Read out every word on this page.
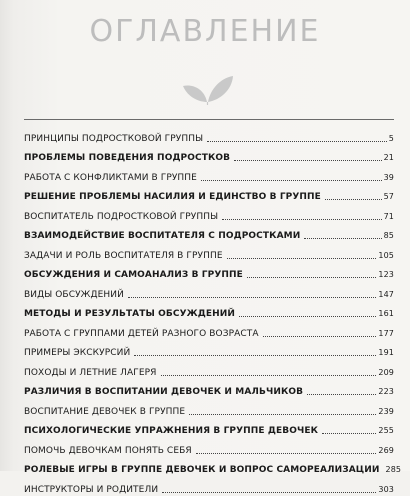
ОГЛАВЛЕНИЕ
ПРИНЦИПЫ ПОДРОСТКОВОЙ ГРУППЫ	5
ПРОБЛЕМЫ ПОВЕДЕНИЯ ПОДРОСТКОВ	21
РАБОТА С КОНФЛИКТАМИ В ГРУППЕ	39
РЕШЕНИЕ ПРОБЛЕМЫ НАСИЛИЯ И ЕДИНСТВО В ГРУППЕ	57
ВОСПИТАТЕЛЬ ПОДРОСТКОВОЙ ГРУППЫ	71
ВЗАИМОДЕЙСТВИЕ ВОСПИТАТЕЛЯ С ПОДРОСТКАМИ	85
ЗАДАЧИ И РОЛЬ ВОСПИТАТЕЛЯ В ГРУППЕ	105
ОБСУЖДЕНИЯ И САМОАНАЛИЗ В ГРУППЕ	123
ВИДЫ ОБСУЖДЕНИЙ	147
МЕТОДЫ И РЕЗУЛЬТАТЫ ОБСУЖДЕНИЙ	161
РАБОТА С ГРУППАМИ ДЕТЕЙ РАЗНОГО ВОЗРАСТА	177
ПРИМЕРЫ ЭКСКУРСИЙ	191
ПОХОДЫ И ЛЕТНИЕ ЛАГЕРЯ	209
РАЗЛИЧИЯ В ВОСПИТАНИИ ДЕВОЧЕК И МАЛЬЧИКОВ	223
ВОСПИТАНИЕ ДЕВОЧЕК В ГРУППЕ	239
ПСИХОЛОГИЧЕСКИЕ УПРАЖНЕНИЯ В ГРУППЕ ДЕВОЧЕК	255
ПОМОЧЬ ДЕВОЧКАМ ПОНЯТЬ СЕБЯ	269
РОЛЕВЫЕ ИГРЫ В ГРУППЕ ДЕВОЧЕК И ВОПРОС САМОРЕАЛИЗАЦИИ 285
ИНСТРУКТОРЫ И РОДИТЕЛИ	303
